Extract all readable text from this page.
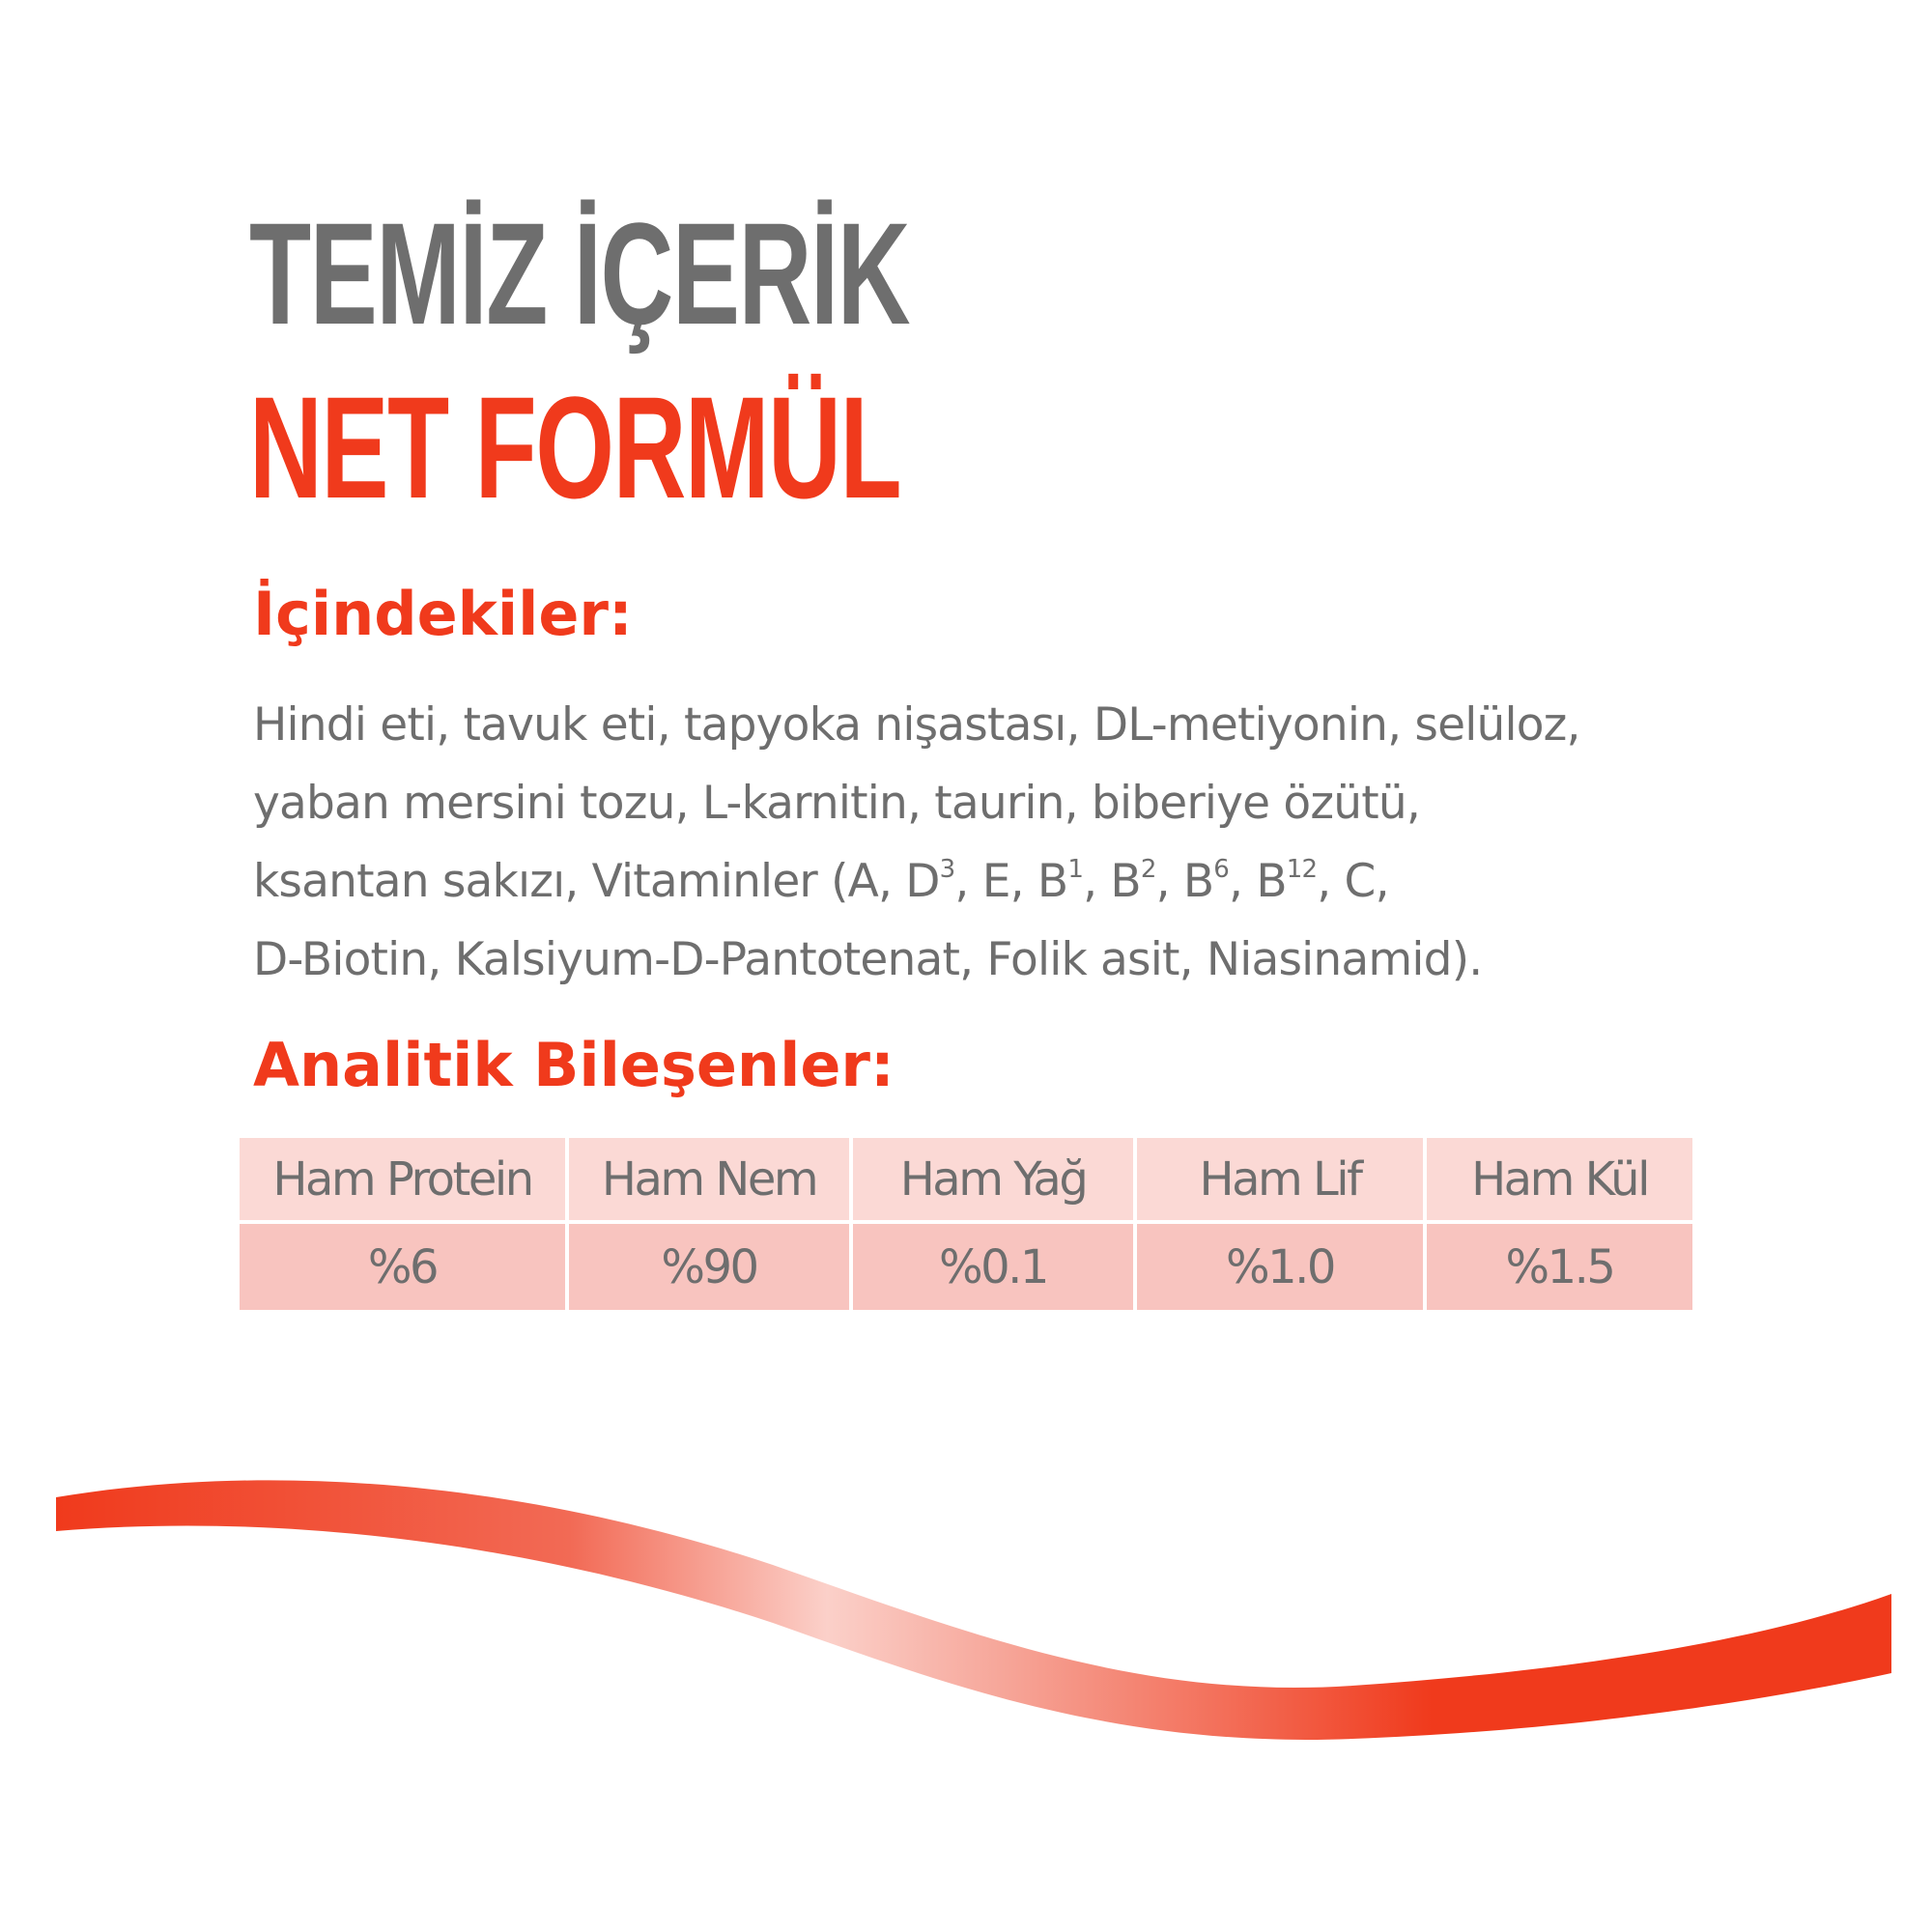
TEMİZ İÇERİK
NET FORMÜL
İçindekiler:

Hindi eti, tavuk eti, tapyoka nişastası, DL-metiyonin, selüloz,
yaban mersini tozu, L-karnitin, taurin, biberiye özütü,
ksantan sakızı, Vitaminler (A, $D^3$, E, $B^1$, $B^2$, $B^6$, $B^{12}$, C,
D-Biotin, Kalsiyum-D-Pantotenat, Folik asit, Niasinamid).

Analitik Bileşenler:
Ham Protein
%6
Ham Nem
%90
Ham Yağ
%0.1
Ham Lif
%1.0
Ham Kül
%1.5
